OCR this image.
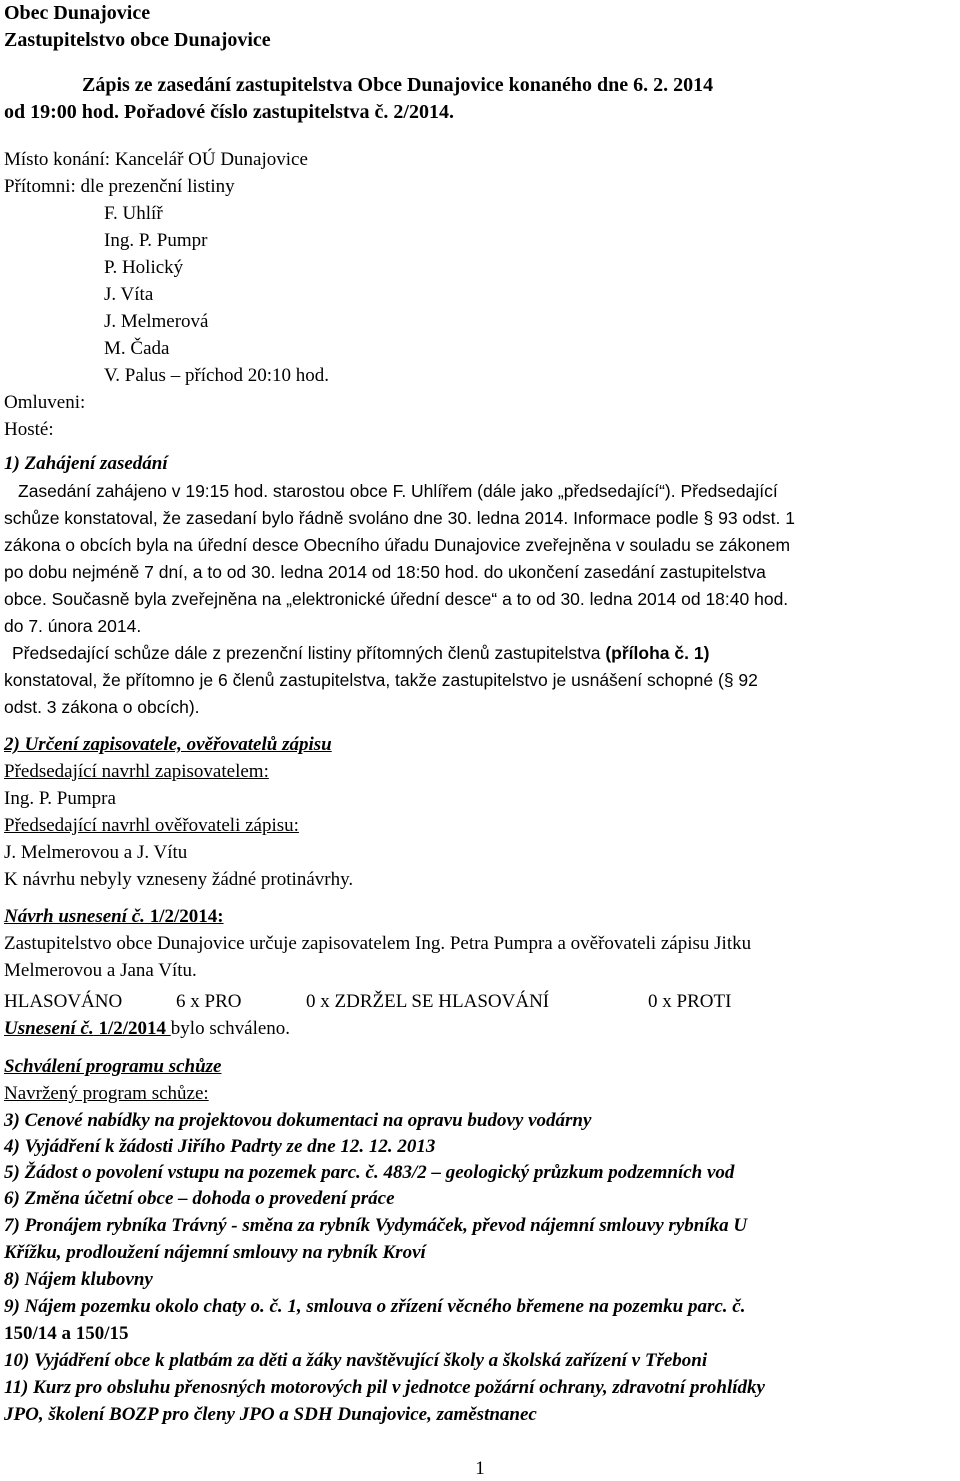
Obec Dunajovice
Zastupitelstvo obce Dunajovice
Zápis ze zasedání zastupitelstva Obce Dunajovice konaného dne 6. 2. 2014
od 19:00 hod. Pořadové číslo zastupitelstva č. 2/2014.
Místo konání: Kancelář OÚ Dunajovice
Přítomni: dle prezenční listiny
F. Uhlíř
Ing. P. Pumpr
P. Holický
J. Víta
J. Melmerová
M. Čada
V. Palus – příchod 20:10 hod.
Omluveni:
Hosté:
1) Zahájení zasedání
Zasedání zahájeno v 19:15 hod. starostou obce F. Uhlířem (dále jako „předsedající“). Předsedající
schůze konstatoval, že zasedaní bylo řádně svoláno dne 30. ledna 2014. Informace podle § 93 odst. 1
zákona o obcích byla na úřední desce Obecního úřadu Dunajovice zveřejněna v souladu se zákonem
po dobu nejméně 7 dní, a to od 30. ledna 2014 od 18:50 hod. do ukončení zasedání zastupitelstva
obce. Současně byla zveřejněna na „elektronické úřední desce“ a to od 30. ledna 2014 od 18:40 hod.
do 7. února 2014.
Předsedající schůze dále z prezenční listiny přítomných členů zastupitelstva (příloha č. 1)
konstatoval, že přítomno je 6 členů zastupitelstva, takže zastupitelstvo je usnášení schopné (§ 92
odst. 3 zákona o obcích).
2) Určení zapisovatele, ověřovatelů zápisu
Předsedající navrhl zapisovatelem:
Ing. P. Pumpra
Předsedající navrhl ověřovateli zápisu:
J. Melmerovou a J. Vítu
K návrhu nebyly vzneseny žádné protinávrhy.
Návrh usnesení č. 1/2/2014:
Zastupitelstvo obce Dunajovice určuje zapisovatelem Ing. Petra Pumpra a ověřovateli zápisu Jitku
Melmerovou a Jana Vítu.
HLASOVÁNO	6 x PRO	0 x ZDRŽEL SE HLASOVÁNÍ	0 x PROTI
Usnesení č. 1/2/2014 bylo schváleno.
Schválení programu schůze
Navržený program schůze:
3) Cenové nabídky na projektovou dokumentaci na opravu budovy vodárny
4) Vyjádření k žádosti Jiřího Padrty ze dne 12. 12. 2013
5) Žádost o povolení vstupu na pozemek parc. č. 483/2 – geologický průzkum podzemních vod
6) Změna účetní obce – dohoda o provedení práce
7) Pronájem rybníka Trávný - směna za rybník Vydymáček, převod nájemní smlouvy rybníka U
Křížku, prodloužení nájemní smlouvy na rybník Kroví
8) Nájem klubovny
9) Nájem pozemku okolo chaty o. č. 1, smlouva o zřízení věcného břemene na pozemku parc. č.
150/14 a 150/15
10) Vyjádření obce k platbám za děti a žáky navštěvující školy a školská zařízení v Třeboni
11) Kurz pro obsluhu přenosných motorových pil v jednotce požární ochrany, zdravotní prohlídky
JPO, školení BOZP pro členy JPO a SDH Dunajovice, zaměstnanec
1
